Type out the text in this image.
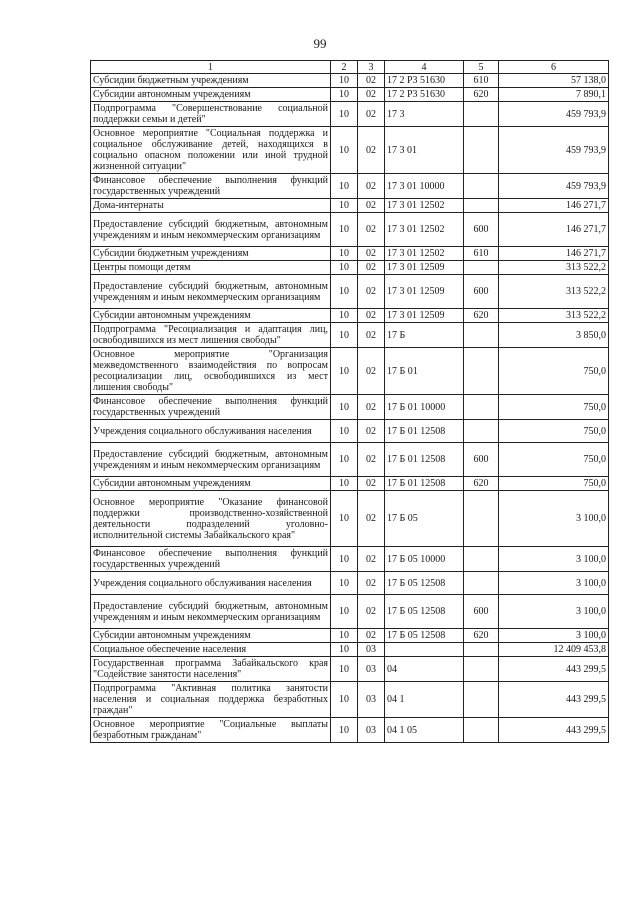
99
1	2	3	4	5	6
Субсидии бюджетным учреждениям	10	02	17 2 Р3 51630	610	57 138,0
Субсидии автономным учреждениям	10	02	17 2 Р3 51630	620	7 890,1
Подпрограмма "Совершенствование социальной поддержки семьи и детей"	10	02	17 3		459 793,9
Основное мероприятие "Социальная поддержка и социальное обслуживание детей, находящихся в социально опасном положении или иной трудной жизненной ситуации"	10	02	17 3 01		459 793,9
Финансовое обеспечение выполнения функций государственных учреждений	10	02	17 3 01 10000		459 793,9
Дома-интернаты	10	02	17 3 01 12502		146 271,7
Предоставление субсидий бюджетным, автономным учреждениям и иным некоммерческим организациям	10	02	17 3 01 12502	600	146 271,7
Субсидии бюджетным учреждениям	10	02	17 3 01 12502	610	146 271,7
Центры помощи детям	10	02	17 3 01 12509		313 522,2
Предоставление субсидий бюджетным, автономным учреждениям и иным некоммерческим организациям	10	02	17 3 01 12509	600	313 522,2
Субсидии автономным учреждениям	10	02	17 3 01 12509	620	313 522,2
Подпрограмма "Ресоциализация и адаптация лиц, освободившихся из мест лишения свободы"	10	02	17 Б		3 850,0
Основное мероприятие "Организация межведомственного взаимодействия по вопросам ресоциализации лиц, освободившихся из мест лишения свободы"	10	02	17 Б 01		750,0
Финансовое обеспечение выполнения функций государственных учреждений	10	02	17 Б 01 10000		750,0
Учреждения социального обслуживания населения	10	02	17 Б 01 12508		750,0
Предоставление субсидий бюджетным, автономным учреждениям и иным некоммерческим организациям	10	02	17 Б 01 12508	600	750,0
Субсидии автономным учреждениям	10	02	17 Б 01 12508	620	750,0
Основное мероприятие "Оказание финансовой поддержки производственно-хозяйственной деятельности подразделений уголовно-исполнительной системы Забайкальского края"	10	02	17 Б 05		3 100,0
Финансовое обеспечение выполнения функций государственных учреждений	10	02	17 Б 05 10000		3 100,0
Учреждения социального обслуживания населения	10	02	17 Б 05 12508		3 100,0
Предоставление субсидий бюджетным, автономным учреждениям и иным некоммерческим организациям	10	02	17 Б 05 12508	600	3 100,0
Субсидии автономным учреждениям	10	02	17 Б 05 12508	620	3 100,0
Социальное обеспечение населения	10	03			12 409 453,8
Государственная программа Забайкальского края "Содействие занятости населения"	10	03	04		443 299,5
Подпрограмма "Активная политика занятости населения и социальная поддержка безработных граждан"	10	03	04 1		443 299,5
Основное мероприятие "Социальные выплаты безработным гражданам"	10	03	04 1 05		443 299,5
